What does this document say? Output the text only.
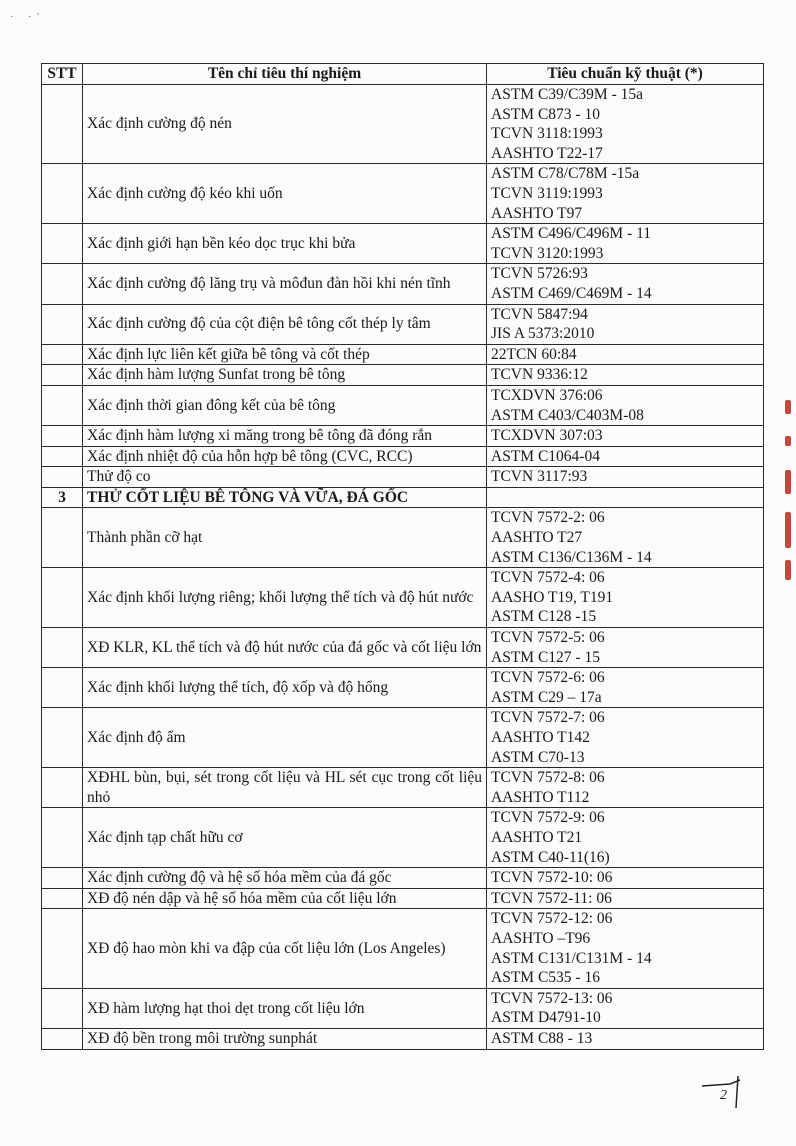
· ·'
STT	Tên chỉ tiêu thí nghiệm	Tiêu chuẩn kỹ thuật (*)
	Xác định cường độ nén	ASTM C39/C39M - 15a
ASTM C873 - 10
TCVN 3118:1993
AASHTO T22-17

	Xác định cường độ kéo khi uốn	ASTM C78/C78M -15a
TCVN 3119:1993
AASHTO T97

	Xác định giới hạn bền kéo dọc trục khi bửa	ASTM C496/C496M - 11
TCVN 3120:1993

	Xác định cường độ lăng trụ và môđun đàn hồi khi nén tĩnh	TCVN 5726:93
ASTM C469/C469M - 14

	Xác định cường độ của cột điện bê tông cốt thép ly tâm	TCVN 5847:94
JIS A 5373:2010

	Xác định lực liên kết giữa bê tông và cốt thép	22TCN 60:84

	Xác định hàm lượng Sunfat trong bê tông	TCVN 9336:12

	Xác định thời gian đông kết của bê tông	TCXDVN 376:06
ASTM C403/C403M-08

	Xác định hàm lượng xi măng trong bê tông đã đóng rắn	TCXDVN 307:03

	Xác định nhiệt độ của hỗn hợp bê tông (CVC, RCC)	ASTM C1064-04

	Thử độ co	TCVN 3117:93

3	THỬ CỐT LIỆU BÊ TÔNG VÀ VỮA, ĐÁ GỐC	

	Thành phần cỡ hạt	TCVN 7572-2: 06
AASHTO T27
ASTM C136/C136M - 14

	Xác định khối lượng riêng; khối lượng thể tích và độ hút nước	TCVN 7572-4: 06
AASHO T19, T191
ASTM C128 -15

	XĐ KLR, KL thể tích và độ hút nước của đá gốc và cốt liệu lớn	TCVN 7572-5: 06
ASTM C127 - 15

	Xác định khối lượng thể tích, độ xốp và độ hổng	TCVN 7572-6: 06
ASTM C29 – 17a

	Xác định độ ẩm	TCVN 7572-7: 06
AASHTO T142
ASTM C70-13

	XĐHL bùn, bụi, sét trong cốt liệu và HL sét cục trong cốt liệu nhỏ	TCVN 7572-8: 06
AASHTO T112

	Xác định tạp chất hữu cơ	TCVN 7572-9: 06
AASHTO T21
ASTM C40-11(16)

	Xác định cường độ và hệ số hóa mềm của đá gốc	TCVN 7572-10: 06

	XĐ độ nén dập và hệ số hóa mềm của cốt liệu lớn	TCVN 7572-11: 06

	XĐ độ hao mòn khi va đập của cốt liệu lớn (Los Angeles)	TCVN 7572-12: 06
AASHTO –T96
ASTM C131/C131M - 14
ASTM C535 - 16

	XĐ hàm lượng hạt thoi dẹt trong cốt liệu lớn	TCVN 7572-13: 06
ASTM D4791-10

	XĐ độ bền trong môi trường sunphát	ASTM C88 - 13
2
